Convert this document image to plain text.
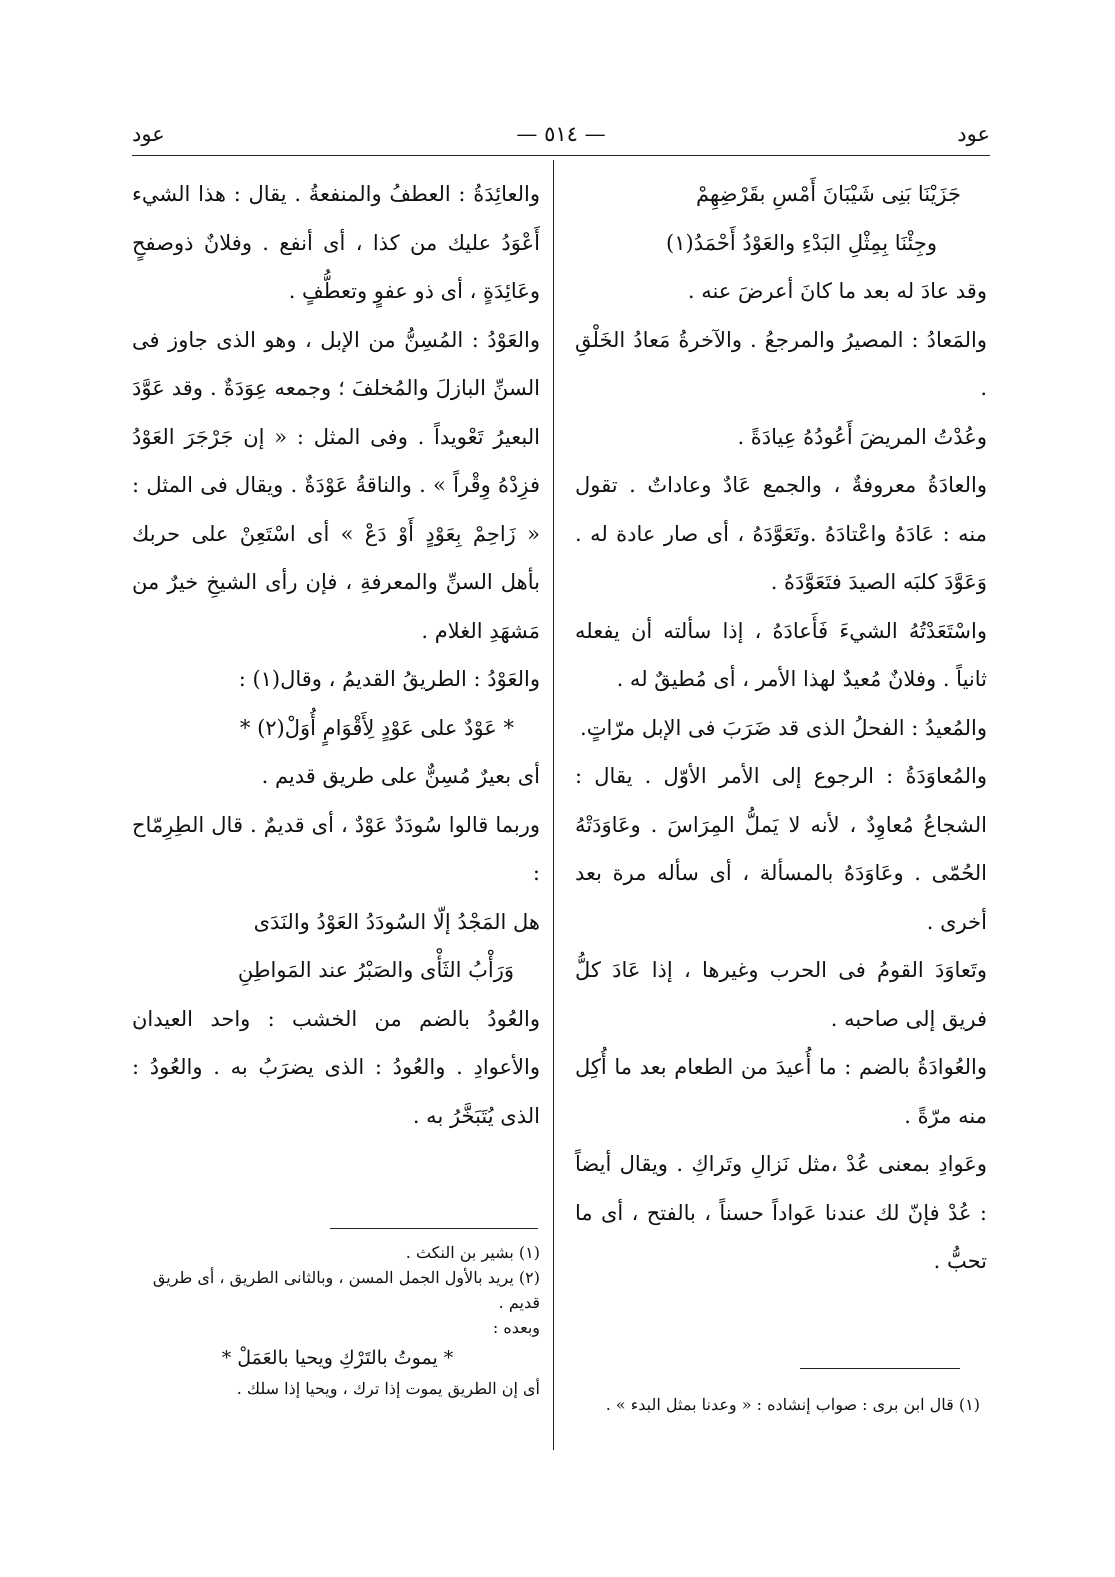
عود
— ٥١٤ —
عود

جَزَيْنَا بَنِى شَيْبَانَ أَمْسِ بقَرْضِهِمْ

وجِئْنَا بِمِثْلِ البَدْءِ والعَوْدُ أَحْمَدُ(١)

وقد عادَ له بعد ما كانَ أعرضَ عنه .

والمَعادُ : المصيرُ والمرجعُ . والآخرةُ مَعادُ الخَلْقِ .

وعُدْتُ المريضَ أَعُودُهُ عِيادَةً .

والعادَةُ معروفةٌ ، والجمع عَادٌ وعاداتٌ . تقول منه : عَادَهُ واعْتادَهُ .وتَعَوَّدَهُ ، أى صار عادة له . وَعَوَّدَ كلبَه الصيدَ فتَعَوَّدَهُ .

واسْتَعَدْتُهُ الشيءَ فَأَعادَهُ ، إذا سألته أن يفعله ثانياً . وفلانٌ مُعيدٌ لهذا الأمر ، أى مُطيقٌ له .

والمُعيدُ : الفحلُ الذى قد ضَرَبَ فى الإبل مرّاتٍ.

والمُعاوَدَةُ : الرجوع إلى الأمر الأوّل . يقال : الشجاعُ مُعاوِدٌ ، لأنه لا يَملُّ المِرَاسَ . وعَاوَدَتْهُ الحُمّى . وعَاوَدَهُ بالمسألة ، أى سأله مرة بعد أخرى .

وتَعاوَدَ القومُ فى الحرب وغيرها ، إذا عَادَ كلُّ فريق إلى صاحبه .

والعُوادَةُ بالضم : ما أُعيدَ من الطعام بعد ما أُكِل منه مرّةً .

وعَوادِ بمعنى عُدْ ،مثل نَزالِ وتَراكِ . ويقال أيضاً : عُدْ فإنّ لك عندنا عَواداً حسناً ، بالفتح ، أى ما تحبُّ .

(١) قال ابن برى : صواب إنشاده : « وعدنا بمثل البدء » .

والعائِدَةُ : العطفُ والمنفعةُ . يقال : هذا الشيء أَعْوَدُ عليك من كذا ، أى أنفع . وفلانٌ ذوصفحٍ وعَائِدَةٍ ، أى ذو عفوٍ وتعطُّفٍ .

والعَوْدُ : المُسِنُّ من الإبل ، وهو الذى جاوز فى السنِّ البازلَ والمُخلفَ ؛ وجمعه عِوَدَةٌ . وقد عَوَّدَ البعيرُ تَعْويداً . وفى المثل : « إن جَرْجَرَ العَوْدُ فزِدْهُ وِقْراً » . والناقةُ عَوْدَةٌ . ويقال فى المثل : « زَاحِمْ بِعَوْدٍ أَوْ دَعْ » أى اسْتَعِنْ على حربك بأهل السنِّ والمعرفةِ ، فإن رأى الشيخِ خيرٌ من مَشهَدِ الغلام .

والعَوْدُ : الطريقُ القديمُ ، وقال(١) :

* عَوْدٌ على عَوْدٍ لِأَقْوَامٍ أُوَلْ(٢) *

أى بعيرٌ مُسِنٌّ على طريق قديم .

وربما قالوا سُودَدٌ عَوْدٌ ، أى قديمٌ . قال الطِرِمّاح :

هل المَجْدُ إلّا السُودَدُ العَوْدُ والنَدَى

وَرَأْبُ الثَأْى والصَبْرُ عند المَواطِنِ

والعُودُ بالضم من الخشب : واحد العيدان والأعوادِ . والعُودُ : الذى يضرَبُ به . والعُودُ : الذى يُتَبَخَّرُ به .

(١) بشير بن النكث .

(٢) يريد بالأول الجمل المسن ، وبالثانى الطريق ، أى طريق قديم .

وبعده :

* يموتُ بالتَرْكِ ويحيا بالعَمَلْ *

أى إن الطريق يموت إذا ترك ، ويحيا إذا سلك .
